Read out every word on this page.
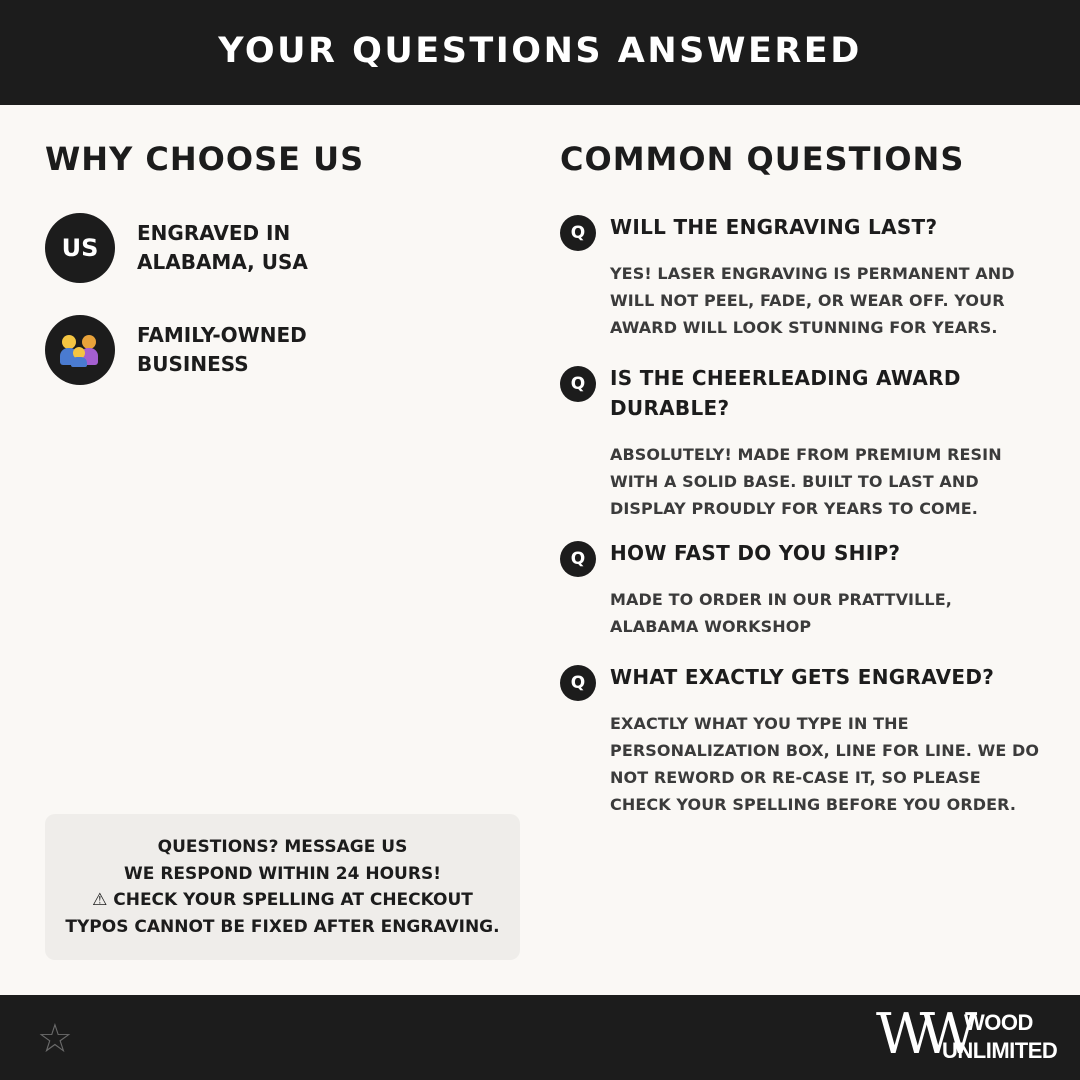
YOUR QUESTIONS ANSWERED
WHY CHOOSE US
US
ENGRAVED IN
ALABAMA, USA
FAMILY-OWNED
BUSINESS
COMMON QUESTIONS
Q	WILL THE ENGRAVING LAST?
YES! LASER ENGRAVING IS PERMANENT AND WILL NOT PEEL, FADE, OR WEAR OFF. YOUR AWARD WILL LOOK STUNNING FOR YEARS.
Q	IS THE CHEERLEADING AWARD DURABLE?
ABSOLUTELY! MADE FROM PREMIUM RESIN WITH A SOLID BASE. BUILT TO LAST AND DISPLAY PROUDLY FOR YEARS TO COME.
Q	HOW FAST DO YOU SHIP?
MADE TO ORDER IN OUR PRATTVILLE, ALABAMA WORKSHOP
Q	WHAT EXACTLY GETS ENGRAVED?
EXACTLY WHAT YOU TYPE IN THE PERSONALIZATION BOX, LINE FOR LINE. WE DO NOT REWORD OR RE-CASE IT, SO PLEASE CHECK YOUR SPELLING BEFORE YOU ORDER.
QUESTIONS? MESSAGE US
WE RESPOND WITHIN 24 HOURS!
⚠ CHECK YOUR SPELLING AT CHECKOUT
TYPOS CANNOT BE FIXED AFTER ENGRAVING.
☆	WW WOOD
UNLIMITED
